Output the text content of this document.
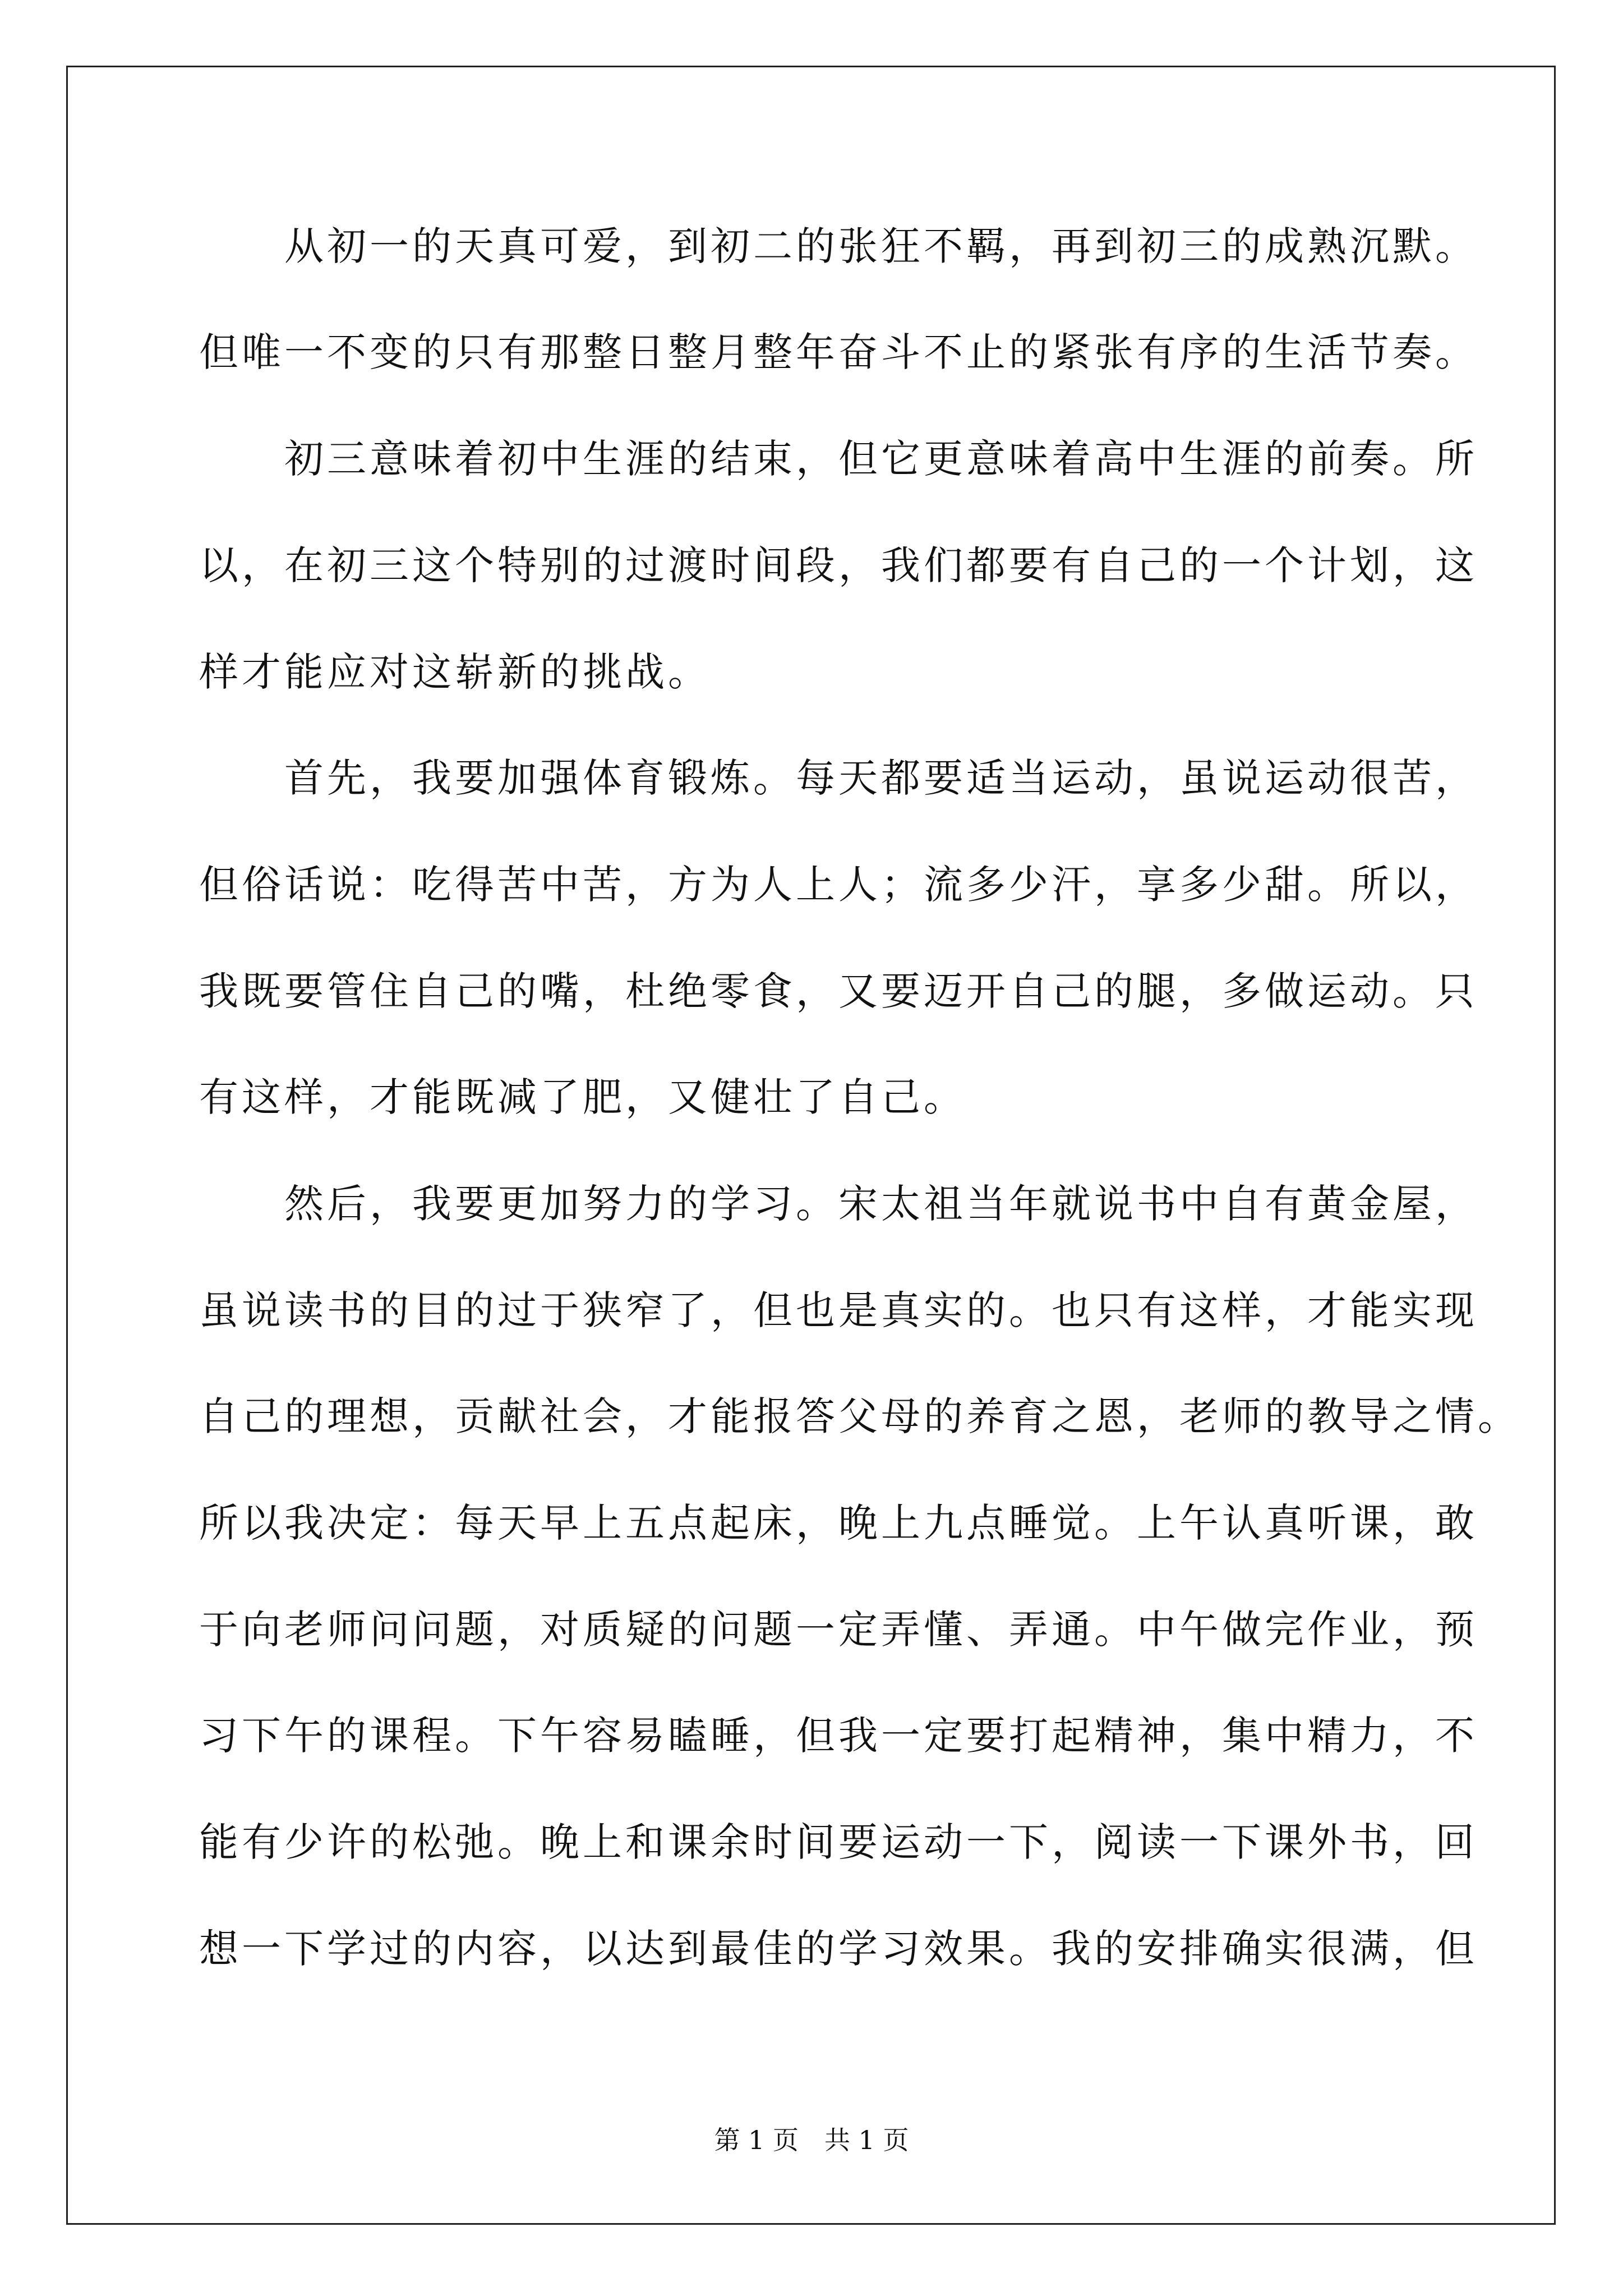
　　从初一的天真可爱，到初二的张狂不羁，再到初三的成熟沉默。
但唯一不变的只有那整日整月整年奋斗不止的紧张有序的生活节奏。
　　初三意味着初中生涯的结束，但它更意味着高中生涯的前奏。所
以，在初三这个特别的过渡时间段，我们都要有自己的一个计划，这
样才能应对这崭新的挑战。
　　首先，我要加强体育锻炼。每天都要适当运动，虽说运动很苦，
但俗话说：吃得苦中苦，方为人上人；流多少汗，享多少甜。所以，
我既要管住自己的嘴，杜绝零食，又要迈开自己的腿，多做运动。只
有这样，才能既减了肥，又健壮了自己。
　　然后，我要更加努力的学习。宋太祖当年就说书中自有黄金屋，
虽说读书的目的过于狭窄了，但也是真实的。也只有这样，才能实现
自己的理想，贡献社会，才能报答父母的养育之恩，老师的教导之情。
所以我决定：每天早上五点起床，晚上九点睡觉。上午认真听课，敢
于向老师问问题，对质疑的问题一定弄懂、弄通。中午做完作业，预
习下午的课程。下午容易瞌睡，但我一定要打起精神，集中精力，不
能有少许的松弛。晚上和课余时间要运动一下，阅读一下课外书，回
想一下学过的内容，以达到最佳的学习效果。我的安排确实很满，但
第 1 页　共 1 页
